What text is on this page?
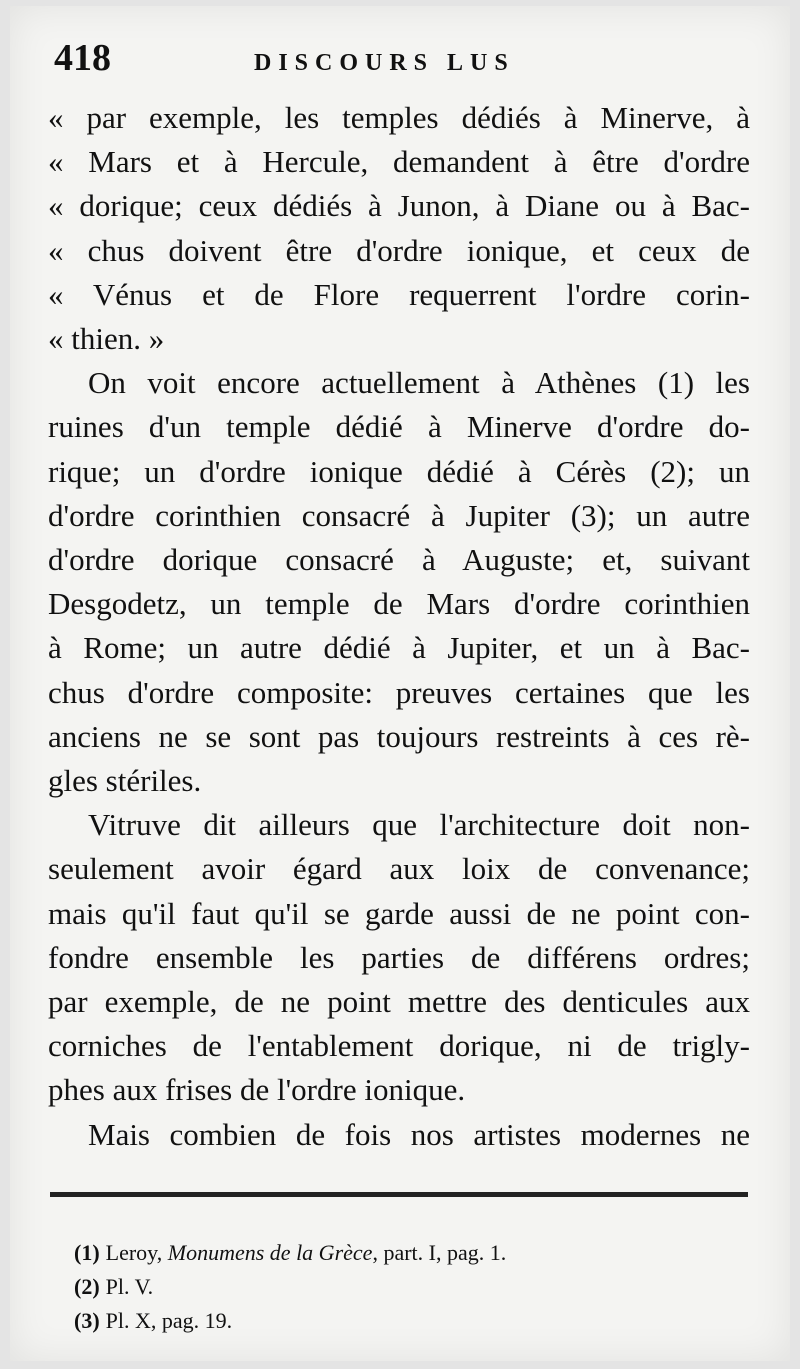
418	DISCOURS LUS
« par exemple, les temples dédiés à Minerve, à
« Mars et à Hercule, demandent à être d'ordre
« dorique; ceux dédiés à Junon, à Diane ou à Bac-
« chus doivent être d'ordre ionique, et ceux de
« Vénus et de Flore requerrent l'ordre corin-
« thien. »
On voit encore actuellement à Athènes (1) les
ruines d'un temple dédié à Minerve d'ordre do-
rique; un d'ordre ionique dédié à Cérès (2); un
d'ordre corinthien consacré à Jupiter (3); un autre
d'ordre dorique consacré à Auguste; et, suivant
Desgodetz, un temple de Mars d'ordre corinthien
à Rome; un autre dédié à Jupiter, et un à Bac-
chus d'ordre composite: preuves certaines que les
anciens ne se sont pas toujours restreints à ces rè-
gles stériles.
Vitruve dit ailleurs que l'architecture doit non-
seulement avoir égard aux loix de convenance;
mais qu'il faut qu'il se garde aussi de ne point con-
fondre ensemble les parties de différens ordres;
par exemple, de ne point mettre des denticules aux
corniches de l'entablement dorique, ni de trigly-
phes aux frises de l'ordre ionique.
Mais combien de fois nos artistes modernes ne
(1) Leroy, Monumens de la Grèce, part. I, pag. 1.
(2) Pl. V.
(3) Pl. X, pag. 19.
